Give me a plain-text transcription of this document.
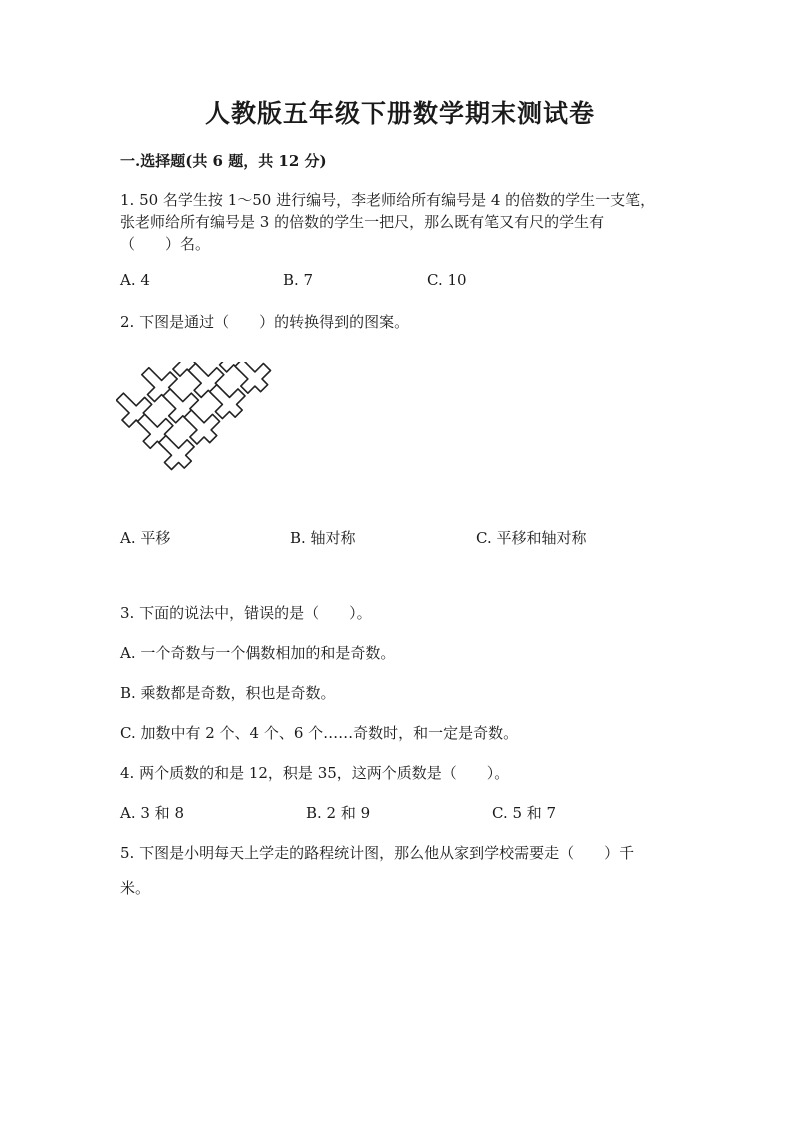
人教版五年级下册数学期末测试卷
一.选择题(共 6 题，共 12 分)
1. 50 名学生按 1～50 进行编号，李老师给所有编号是 4 的倍数的学生一支笔，
张老师给所有编号是 3 的倍数的学生一把尺，那么既有笔又有尺的学生有
（　　）名。
A. 4	B. 7	C. 10
2. 下图是通过（　　）的转换得到的图案。
A. 平移	B. 轴对称	C. 平移和轴对称
3. 下面的说法中，错误的是（　　）。
A. 一个奇数与一个偶数相加的和是奇数。
B. 乘数都是奇数，积也是奇数。
C. 加数中有 2 个、4 个、6 个……奇数时，和一定是奇数。
4. 两个质数的和是 12，积是 35，这两个质数是（　　）。
A. 3 和 8	B. 2 和 9	C. 5 和 7
5. 下图是小明每天上学走的路程统计图，那么他从家到学校需要走（　　）千
米。
